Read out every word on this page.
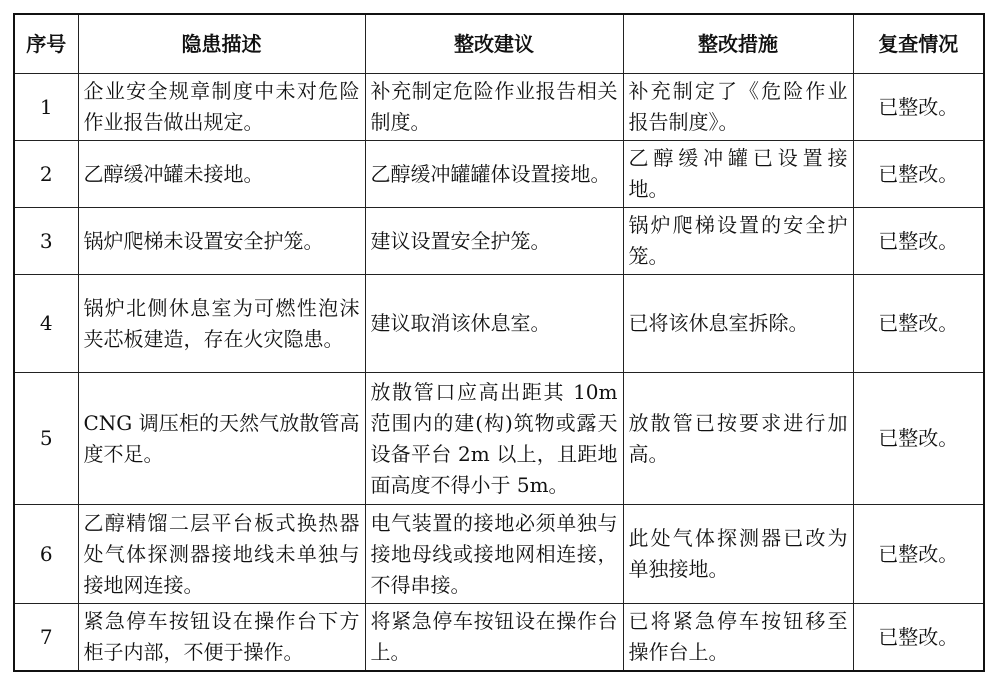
序号	隐患描述	整改建议	整改措施	复查情况
1	企业安全规章制度中未对危险作业报告做出规定。	补充制定危险作业报告相关制度。	补充制定了《危险作业报告制度》。	已整改。
2	乙醇缓冲罐未接地。	乙醇缓冲罐罐体设置接地。	乙醇缓冲罐已设置接地。	已整改。
3	锅炉爬梯未设置安全护笼。	建议设置安全护笼。	锅炉爬梯设置的安全护笼。	已整改。
4	锅炉北侧休息室为可燃性泡沫夹芯板建造，存在火灾隐患。	建议取消该休息室。	已将该休息室拆除。	已整改。
5	CNG 调压柜的天然气放散管高度不足。	放散管口应高出距其 10m 范围内的建(构)筑物或露天设备平台 2m 以上，且距地面高度不得小于 5m。	放散管已按要求进行加高。	已整改。
6	乙醇精馏二层平台板式换热器处气体探测器接地线未单独与接地网连接。	电气装置的接地必须单独与接地母线或接地网相连接，不得串接。	此处气体探测器已改为单独接地。	已整改。
7	紧急停车按钮设在操作台下方柜子内部，不便于操作。	将紧急停车按钮设在操作台上。	已将紧急停车按钮移至操作台上。	已整改。
